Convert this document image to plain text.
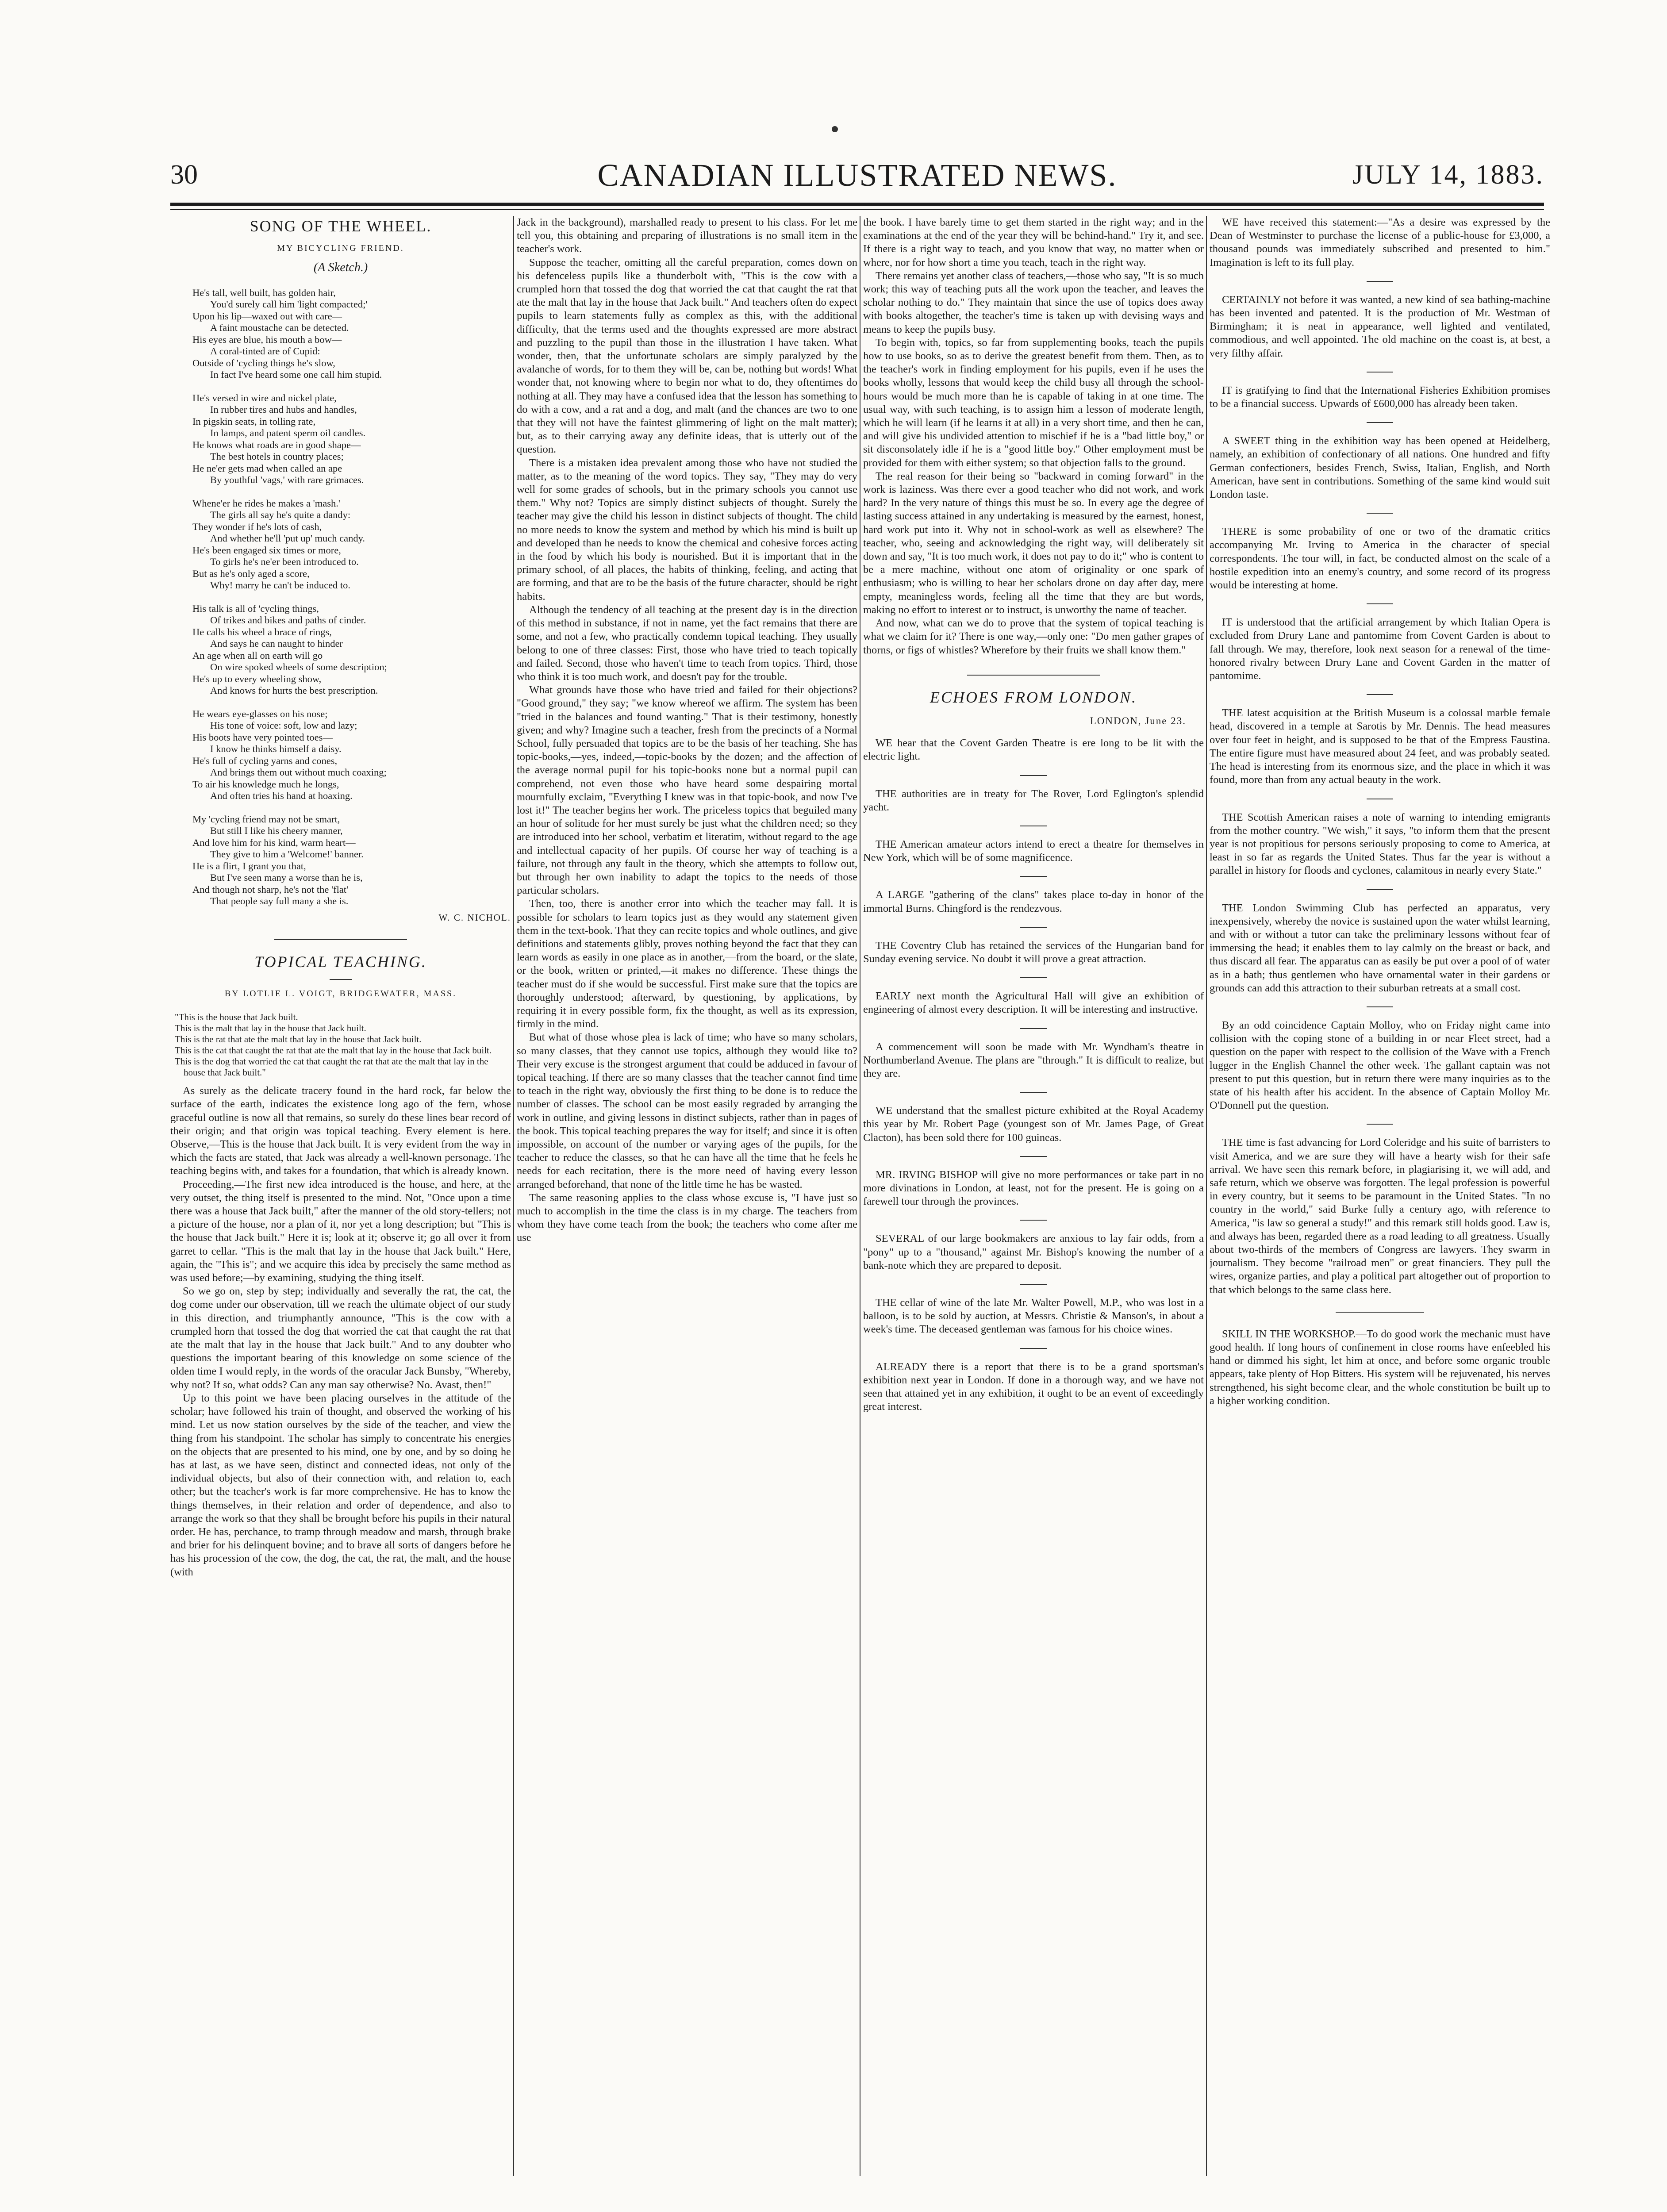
30	CANADIAN ILLUSTRATED NEWS.	JULY 14, 1883.
SONG OF THE WHEEL.
MY BICYCLING FRIEND.
(A Sketch.)
He's tall, well built, has golden hair,
You'd surely call him 'light compacted;'
Upon his lip—waxed out with care—
A faint moustache can be detected.
His eyes are blue, his mouth a bow—
A coral-tinted are of Cupid:
Outside of 'cycling things he's slow,
In fact I've heard some one call him stupid.
He's versed in wire and nickel plate,
In rubber tires and hubs and handles,
In pigskin seats, in tolling rate,
In lamps, and patent sperm oil candles.
He knows what roads are in good shape—
The best hotels in country places;
He ne'er gets mad when called an ape
By youthful 'vags,' with rare grimaces.
Whene'er he rides he makes a 'mash.'
The girls all say he's quite a dandy:
They wonder if he's lots of cash,
And whether he'll 'put up' much candy.
He's been engaged six times or more,
To girls he's ne'er been introduced to.
But as he's only aged a score,
Why! marry he can't be induced to.
His talk is all of 'cycling things,
Of trikes and bikes and paths of cinder.
He calls his wheel a brace of rings,
And says he can naught to hinder
An age when all on earth will go
On wire spoked wheels of some description;
He's up to every wheeling show,
And knows for hurts the best prescription.
He wears eye-glasses on his nose;
His tone of voice: soft, low and lazy;
His boots have very pointed toes—
I know he thinks himself a daisy.
He's full of cycling yarns and cones,
And brings them out without much coaxing;
To air his knowledge much he longs,
And often tries his hand at hoaxing.
My 'cycling friend may not be smart,
But still I like his cheery manner,
And love him for his kind, warm heart—
They give to him a 'Welcome!' banner.
He is a flirt, I grant you that,
But I've seen many a worse than he is,
And though not sharp, he's not the 'flat'
That people say full many a she is.
W. C. NICHOL.
TOPICAL TEACHING.
BY LOTLIE L. VOIGT, BRIDGEWATER, MASS.
"This is the house that Jack built.
This is the malt that lay in the house that Jack built.
This is the rat that ate the malt that lay in the house that Jack built.
This is the cat that caught the rat that ate the malt that lay in the house that Jack built.
This is the dog that worried the cat that caught the rat that ate the malt that lay in the house that Jack built."

As surely as the delicate tracery found in the hard rock, far below the surface of the earth, indicates the existence long ago of the fern, whose graceful outline is now all that remains, so surely do these lines bear record of their origin; and that origin was topical teaching. Every element is here. Observe,—This is the house that Jack built. It is very evident from the way in which the facts are stated, that Jack was already a well-known personage. The teaching begins with, and takes for a foundation, that which is already known.

Proceeding,—The first new idea introduced is the house, and here, at the very outset, the thing itself is presented to the mind. Not, "Once upon a time there was a house that Jack built," after the manner of the old story-tellers; not a picture of the house, nor a plan of it, nor yet a long description; but "This is the house that Jack built." Here it is; look at it; observe it; go all over it from garret to cellar. "This is the malt that lay in the house that Jack built." Here, again, the "This is"; and we acquire this idea by precisely the same method as was used before;—by examining, studying the thing itself.

So we go on, step by step; individually and severally the rat, the cat, the dog come under our observation, till we reach the ultimate object of our study in this direction, and triumphantly announce, "This is the cow with a crumpled horn that tossed the dog that worried the cat that caught the rat that ate the malt that lay in the house that Jack built." And to any doubter who questions the important bearing of this knowledge on some science of the olden time I would reply, in the words of the oracular Jack Bunsby, "Whereby, why not? If so, what odds? Can any man say otherwise? No. Avast, then!"

Up to this point we have been placing ourselves in the attitude of the scholar; have followed his train of thought, and observed the working of his mind. Let us now station ourselves by the side of the teacher, and view the thing from his standpoint. The scholar has simply to concentrate his energies on the objects that are presented to his mind, one by one, and by so doing he has at last, as we have seen, distinct and connected ideas, not only of the individual objects, but also of their connection with, and relation to, each other; but the teacher's work is far more comprehensive. He has to know the things themselves, in their relation and order of dependence, and also to arrange the work so that they shall be brought before his pupils in their natural order. He has, perchance, to tramp through meadow and marsh, through brake and brier for his delinquent bovine; and to brave all sorts of dangers before he has his procession of the cow, the dog, the cat, the rat, the malt, and the house (with

Jack in the background), marshalled ready to present to his class. For let me tell you, this obtaining and preparing of illustrations is no small item in the teacher's work.

Suppose the teacher, omitting all the careful preparation, comes down on his defenceless pupils like a thunderbolt with, "This is the cow with a crumpled horn that tossed the dog that worried the cat that caught the rat that ate the malt that lay in the house that Jack built." And teachers often do expect pupils to learn statements fully as complex as this, with the additional difficulty, that the terms used and the thoughts expressed are more abstract and puzzling to the pupil than those in the illustration I have taken. What wonder, then, that the unfortunate scholars are simply paralyzed by the avalanche of words, for to them they will be, can be, nothing but words! What wonder that, not knowing where to begin nor what to do, they oftentimes do nothing at all. They may have a confused idea that the lesson has something to do with a cow, and a rat and a dog, and malt (and the chances are two to one that they will not have the faintest glimmering of light on the malt matter); but, as to their carrying away any definite ideas, that is utterly out of the question.

There is a mistaken idea prevalent among those who have not studied the matter, as to the meaning of the word topics. They say, "They may do very well for some grades of schools, but in the primary schools you cannot use them." Why not? Topics are simply distinct subjects of thought. Surely the teacher may give the child his lesson in distinct subjects of thought. The child no more needs to know the system and method by which his mind is built up and developed than he needs to know the chemical and cohesive forces acting in the food by which his body is nourished. But it is important that in the primary school, of all places, the habits of thinking, feeling, and acting that are forming, and that are to be the basis of the future character, should be right habits.

Although the tendency of all teaching at the present day is in the direction of this method in substance, if not in name, yet the fact remains that there are some, and not a few, who practically condemn topical teaching. They usually belong to one of three classes: First, those who have tried to teach topically and failed. Second, those who haven't time to teach from topics. Third, those who think it is too much work, and doesn't pay for the trouble.

What grounds have those who have tried and failed for their objections? "Good ground," they say; "we know whereof we affirm. The system has been "tried in the balances and found wanting." That is their testimony, honestly given; and why? Imagine such a teacher, fresh from the precincts of a Normal School, fully persuaded that topics are to be the basis of her teaching. She has topic-books,—yes, indeed,—topic-books by the dozen; and the affection of the average normal pupil for his topic-books none but a normal pupil can comprehend, not even those who have heard some despairing mortal mournfully exclaim, "Everything I knew was in that topic-book, and now I've lost it!" The teacher begins her work. The priceless topics that beguiled many an hour of solitude for her must surely be just what the children need; so they are introduced into her school, verbatim et literatim, without regard to the age and intellectual capacity of her pupils. Of course her way of teaching is a failure, not through any fault in the theory, which she attempts to follow out, but through her own inability to adapt the topics to the needs of those particular scholars.

Then, too, there is another error into which the teacher may fall. It is possible for scholars to learn topics just as they would any statement given them in the text-book. That they can recite topics and whole outlines, and give definitions and statements glibly, proves nothing beyond the fact that they can learn words as easily in one place as in another,—from the board, or the slate, or the book, written or printed,—it makes no difference. These things the teacher must do if she would be successful. First make sure that the topics are thoroughly understood; afterward, by questioning, by applications, by requiring it in every possible form, fix the thought, as well as its expression, firmly in the mind.

But what of those whose plea is lack of time; who have so many scholars, so many classes, that they cannot use topics, although they would like to? Their very excuse is the strongest argument that could be adduced in favour of topical teaching. If there are so many classes that the teacher cannot find time to teach in the right way, obviously the first thing to be done is to reduce the number of classes. The school can be most easily regraded by arranging the work in outline, and giving lessons in distinct subjects, rather than in pages of the book. This topical teaching prepares the way for itself; and since it is often impossible, on account of the number or varying ages of the pupils, for the teacher to reduce the classes, so that he can have all the time that he feels he needs for each recitation, there is the more need of having every lesson arranged beforehand, that none of the little time he has be wasted.

The same reasoning applies to the class whose excuse is, "I have just so much to accomplish in the time the class is in my charge. The teachers from whom they have come teach from the book; the teachers who come after me use

the book. I have barely time to get them started in the right way; and in the examinations at the end of the year they will be behind-hand." Try it, and see. If there is a right way to teach, and you know that way, no matter when or where, nor for how short a time you teach, teach in the right way.

There remains yet another class of teachers,—those who say, "It is so much work; this way of teaching puts all the work upon the teacher, and leaves the scholar nothing to do." They maintain that since the use of topics does away with books altogether, the teacher's time is taken up with devising ways and means to keep the pupils busy.

To begin with, topics, so far from supplementing books, teach the pupils how to use books, so as to derive the greatest benefit from them. Then, as to the teacher's work in finding employment for his pupils, even if he uses the books wholly, lessons that would keep the child busy all through the school-hours would be much more than he is capable of taking in at one time. The usual way, with such teaching, is to assign him a lesson of moderate length, which he will learn (if he learns it at all) in a very short time, and then he can, and will give his undivided attention to mischief if he is a "bad little boy," or sit disconsolately idle if he is a "good little boy." Other employment must be provided for them with either system; so that objection falls to the ground.

The real reason for their being so "backward in coming forward" in the work is laziness. Was there ever a good teacher who did not work, and work hard? In the very nature of things this must be so. In every age the degree of lasting success attained in any undertaking is measured by the earnest, honest, hard work put into it. Why not in school-work as well as elsewhere? The teacher, who, seeing and acknowledging the right way, will deliberately sit down and say, "It is too much work, it does not pay to do it;" who is content to be a mere machine, without one atom of originality or one spark of enthusiasm; who is willing to hear her scholars drone on day after day, mere empty, meaningless words, feeling all the time that they are but words, making no effort to interest or to instruct, is unworthy the name of teacher.

And now, what can we do to prove that the system of topical teaching is what we claim for it? There is one way,—only one: "Do men gather grapes of thorns, or figs of whistles? Wherefore by their fruits we shall know them."

ECHOES FROM LONDON.
LONDON, June 23.

WE hear that the Covent Garden Theatre is ere long to be lit with the electric light.

THE authorities are in treaty for The Rover, Lord Eglington's splendid yacht.

THE American amateur actors intend to erect a theatre for themselves in New York, which will be of some magnificence.

A LARGE "gathering of the clans" takes place to-day in honor of the immortal Burns. Chingford is the rendezvous.

THE Coventry Club has retained the services of the Hungarian band for Sunday evening service. No doubt it will prove a great attraction.

EARLY next month the Agricultural Hall will give an exhibition of engineering of almost every description. It will be interesting and instructive.

A commencement will soon be made with Mr. Wyndham's theatre in Northumberland Avenue. The plans are "through." It is difficult to realize, but they are.

WE understand that the smallest picture exhibited at the Royal Academy this year by Mr. Robert Page (youngest son of Mr. James Page, of Great Clacton), has been sold there for 100 guineas.

MR. IRVING BISHOP will give no more performances or take part in no more divinations in London, at least, not for the present. He is going on a farewell tour through the provinces.

SEVERAL of our large bookmakers are anxious to lay fair odds, from a "pony" up to a "thousand," against Mr. Bishop's knowing the number of a bank-note which they are prepared to deposit.

THE cellar of wine of the late Mr. Walter Powell, M.P., who was lost in a balloon, is to be sold by auction, at Messrs. Christie & Manson's, in about a week's time. The deceased gentleman was famous for his choice wines.

ALREADY there is a report that there is to be a grand sportsman's exhibition next year in London. If done in a thorough way, and we have not seen that attained yet in any exhibition, it ought to be an event of exceedingly great interest.

WE have received this statement:—"As a desire was expressed by the Dean of Westminster to purchase the license of a public-house for £3,000, a thousand pounds was immediately subscribed and presented to him." Imagination is left to its full play.

CERTAINLY not before it was wanted, a new kind of sea bathing-machine has been invented and patented. It is the production of Mr. Westman of Birmingham; it is neat in appearance, well lighted and ventilated, commodious, and well appointed. The old machine on the coast is, at best, a very filthy affair.

IT is gratifying to find that the International Fisheries Exhibition promises to be a financial success. Upwards of £600,000 has already been taken.

A SWEET thing in the exhibition way has been opened at Heidelberg, namely, an exhibition of confectionary of all nations. One hundred and fifty German confectioners, besides French, Swiss, Italian, English, and North American, have sent in contributions. Something of the same kind would suit London taste.

THERE is some probability of one or two of the dramatic critics accompanying Mr. Irving to America in the character of special correspondents. The tour will, in fact, be conducted almost on the scale of a hostile expedition into an enemy's country, and some record of its progress would be interesting at home.

IT is understood that the artificial arrangement by which Italian Opera is excluded from Drury Lane and pantomime from Covent Garden is about to fall through. We may, therefore, look next season for a renewal of the time-honored rivalry between Drury Lane and Covent Garden in the matter of pantomime.

THE latest acquisition at the British Museum is a colossal marble female head, discovered in a temple at Sarotis by Mr. Dennis. The head measures over four feet in height, and is supposed to be that of the Empress Faustina. The entire figure must have measured about 24 feet, and was probably seated. The head is interesting from its enormous size, and the place in which it was found, more than from any actual beauty in the work.

THE Scottish American raises a note of warning to intending emigrants from the mother country. "We wish," it says, "to inform them that the present year is not propitious for persons seriously proposing to come to America, at least in so far as regards the United States. Thus far the year is without a parallel in history for floods and cyclones, calamitous in nearly every State."

THE London Swimming Club has perfected an apparatus, very inexpensively, whereby the novice is sustained upon the water whilst learning, and with or without a tutor can take the preliminary lessons without fear of immersing the head; it enables them to lay calmly on the breast or back, and thus discard all fear. The apparatus can as easily be put over a pool of of water as in a bath; thus gentlemen who have ornamental water in their gardens or grounds can add this attraction to their suburban retreats at a small cost.

By an odd coincidence Captain Molloy, who on Friday night came into collision with the coping stone of a building in or near Fleet street, had a question on the paper with respect to the collision of the Wave with a French lugger in the English Channel the other week. The gallant captain was not present to put this question, but in return there were many inquiries as to the state of his health after his accident. In the absence of Captain Molloy Mr. O'Donnell put the question.

THE time is fast advancing for Lord Coleridge and his suite of barristers to visit America, and we are sure they will have a hearty wish for their safe arrival. We have seen this remark before, in plagiarising it, we will add, and safe return, which we observe was forgotten. The legal profession is powerful in every country, but it seems to be paramount in the United States. "In no country in the world," said Burke fully a century ago, with reference to America, "is law so general a study!" and this remark still holds good. Law is, and always has been, regarded there as a road leading to all greatness. Usually about two-thirds of the members of Congress are lawyers. They swarm in journalism. They become "railroad men" or great financiers. They pull the wires, organize parties, and play a political part altogether out of proportion to that which belongs to the same class here.

SKILL IN THE WORKSHOP.—To do good work the mechanic must have good health. If long hours of confinement in close rooms have enfeebled his hand or dimmed his sight, let him at once, and before some organic trouble appears, take plenty of Hop Bitters. His system will be rejuvenated, his nerves strengthened, his sight become clear, and the whole constitution be built up to a higher working condition.
